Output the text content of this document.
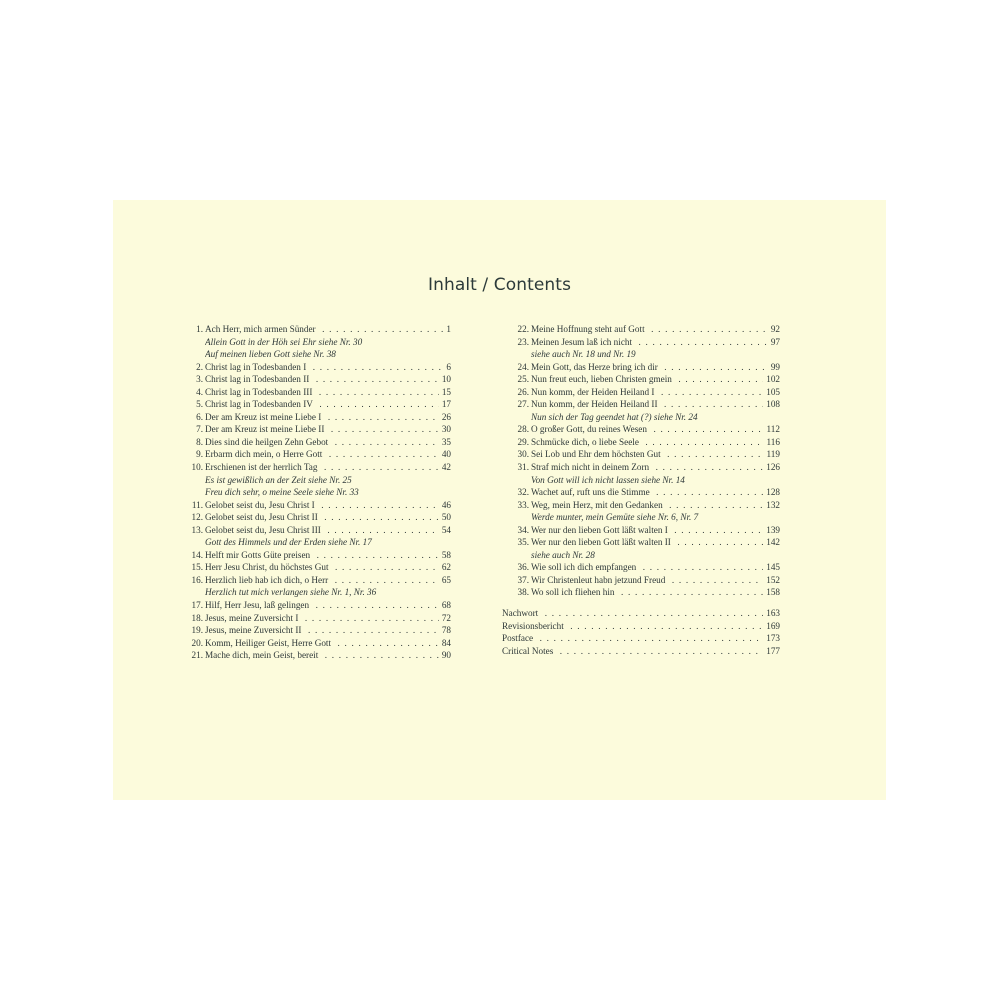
Inhalt / Contents
1. Ach Herr, mich armen Sünder . . .	1
Allein Gott in der Höh sei Ehr siehe Nr. 30
Auf meinen lieben Gott siehe Nr. 38
2. Christ lag in Todesbanden I . . .	6
3. Christ lag in Todesbanden II . . .	10
4. Christ lag in Todesbanden III . . .	15
5. Christ lag in Todesbanden IV . . .	17
6. Der am Kreuz ist meine Liebe I . . .	26
7. Der am Kreuz ist meine Liebe II . . .	30
8. Dies sind die heilgen Zehn Gebot . . .	35
9. Erbarm dich mein, o Herre Gott . . .	40
10. Erschienen ist der herrlich Tag . . .	42
Es ist gewißlich an der Zeit siehe Nr. 25
Freu dich sehr, o meine Seele siehe Nr. 33
11. Gelobet seist du, Jesu Christ I . . .	46
12. Gelobet seist du, Jesu Christ II . . .	50
13. Gelobet seist du, Jesu Christ III . . .	54
Gott des Himmels und der Erden siehe Nr. 17
14. Helft mir Gotts Güte preisen . . .	58
15. Herr Jesu Christ, du höchstes Gut . . .	62
16. Herzlich lieb hab ich dich, o Herr . . .	65
Herzlich tut mich verlangen siehe Nr. 1, Nr. 36
17. Hilf, Herr Jesu, laß gelingen . . .	68
18. Jesus, meine Zuversicht I . . .	72
19. Jesus, meine Zuversicht II . . .	78
20. Komm, Heiliger Geist, Herre Gott . . .	84
21. Mache dich, mein Geist, bereit . . .	90
22. Meine Hoffnung steht auf Gott . . .	92
23. Meinen Jesum laß ich nicht . . .	97
siehe auch Nr. 18 und Nr. 19
24. Mein Gott, das Herze bring ich dir . . .	99
25. Nun freut euch, lieben Christen gmein . . .	102
26. Nun komm, der Heiden Heiland I . . .	105
27. Nun komm, der Heiden Heiland II . . .	108
Nun sich der Tag geendet hat (?) siehe Nr. 24
28. O großer Gott, du reines Wesen . . .	112
29. Schmücke dich, o liebe Seele . . .	116
30. Sei Lob und Ehr dem höchsten Gut . . .	119
31. Straf mich nicht in deinem Zorn . . .	126
Von Gott will ich nicht lassen siehe Nr. 14
32. Wachet auf, ruft uns die Stimme . . .	128
33. Weg, mein Herz, mit den Gedanken . . .	132
Werde munter, mein Gemüte siehe Nr. 6, Nr. 7
34. Wer nur den lieben Gott läßt walten I . . .	139
35. Wer nur den lieben Gott läßt walten II . . .	142
siehe auch Nr. 28
36. Wie soll ich dich empfangen . . .	145
37. Wir Christenleut habn jetzund Freud . . .	152
38. Wo soll ich fliehen hin . . .	158
Nachwort . . .	163
Revisionsbericht . . .	169
Postface . . .	173
Critical Notes . . .	177
